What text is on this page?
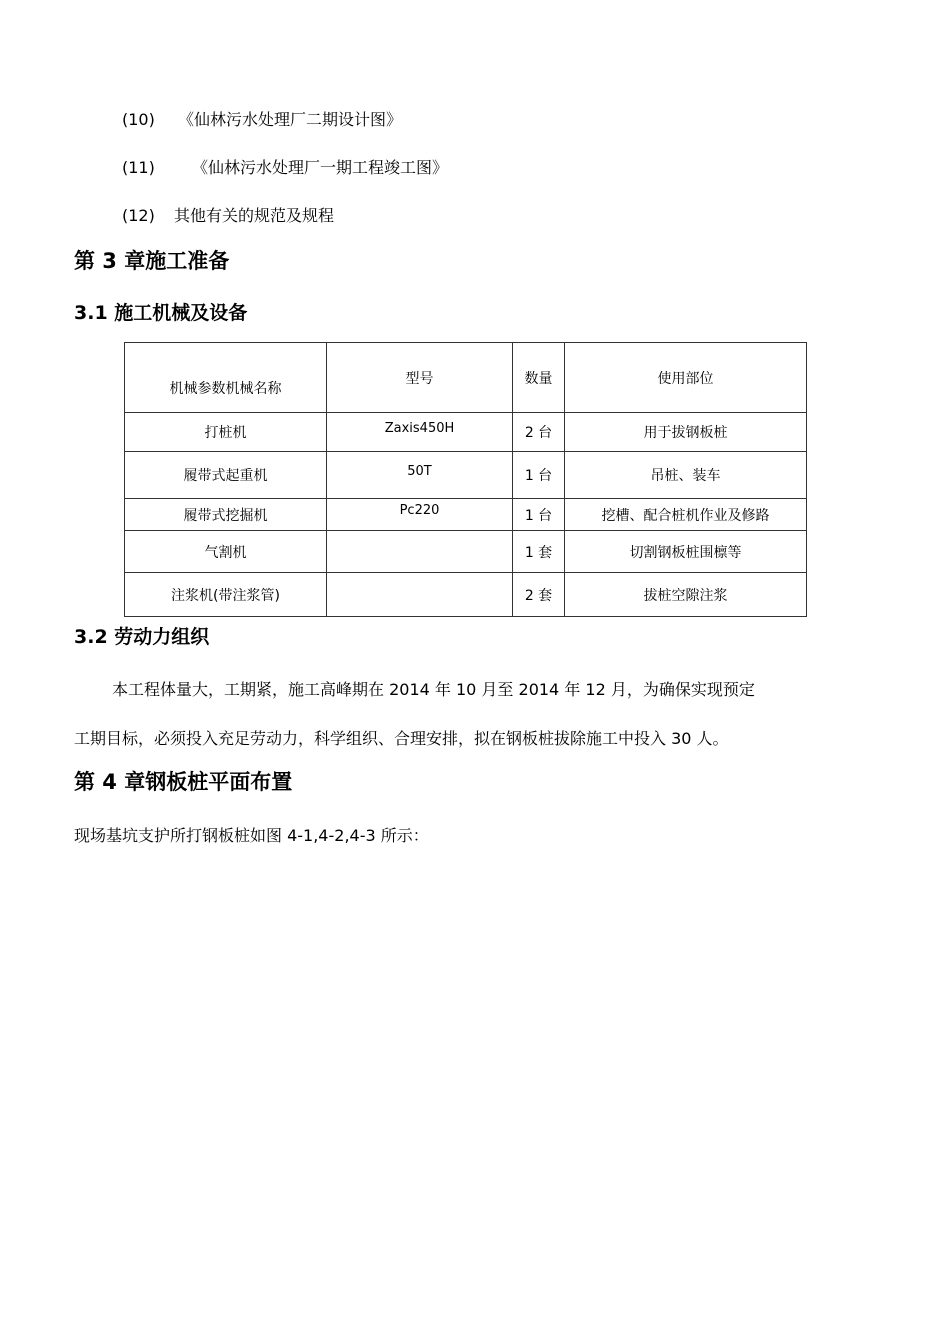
(10) 《仙林污水处理厂二期设计图》
(11) 《仙林污水处理厂一期工程竣工图》
(12) 其他有关的规范及规程
第 3 章施工准备
3.1 施工机械及设备
机械参数机械名称	型号	数量	使用部位
打桩机	Zaxis450H	2 台	用于拔钢板桩
履带式起重机	50T	1 台	吊桩、装车
履带式挖掘机	Pc220	1 台	挖槽、配合桩机作业及修路
气割机		1 套	切割钢板桩围檩等
注浆机(带注浆管)		2 套	拔桩空隙注浆
3.2 劳动力组织
本工程体量大，工期紧，施工高峰期在 2014 年 10 月至 2014 年 12 月，为确保实现预定
工期目标，必须投入充足劳动力，科学组织、合理安排，拟在钢板桩拔除施工中投入 30 人。
第 4 章钢板桩平面布置
现场基坑支护所打钢板桩如图 4-1,4-2,4-3 所示：
